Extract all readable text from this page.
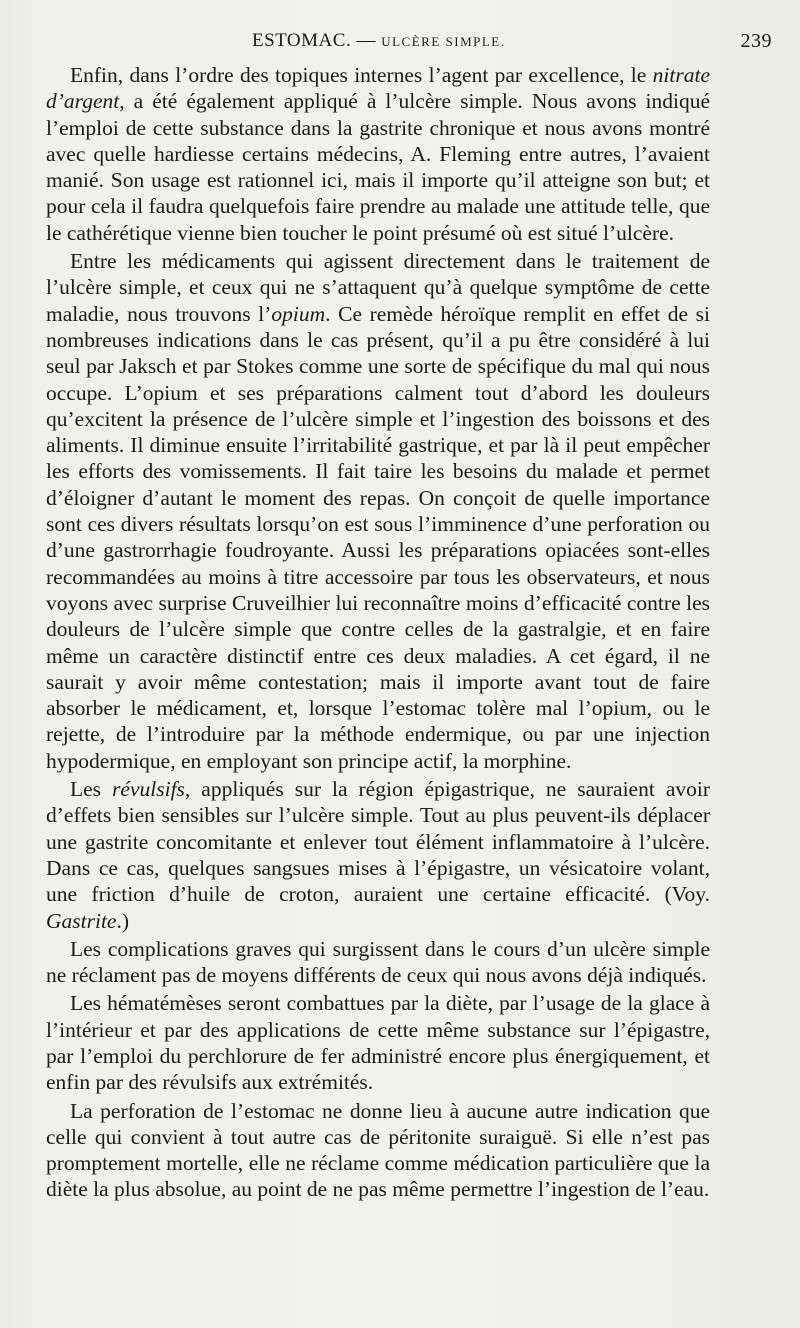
ESTOMAC. — ULCÈRE SIMPLE.	239

Enfin, dans l’ordre des topiques internes l’agent par excellence, le nitrate d’argent, a été également appliqué à l’ulcère simple. Nous avons indiqué l’emploi de cette substance dans la gastrite chronique et nous avons montré avec quelle hardiesse certains médecins, A. Fleming entre autres, l’avaient manié. Son usage est rationnel ici, mais il importe qu’il atteigne son but; et pour cela il faudra quelquefois faire prendre au malade une attitude telle, que le cathérétique vienne bien toucher le point présumé où est situé l’ulcère.

Entre les médicaments qui agissent directement dans le traitement de l’ulcère simple, et ceux qui ne s’attaquent qu’à quelque symptôme de cette maladie, nous trouvons l’opium. Ce remède héroïque remplit en effet de si nombreuses indications dans le cas présent, qu’il a pu être considéré à lui seul par Jaksch et par Stokes comme une sorte de spécifique du mal qui nous occupe. L’opium et ses préparations calment tout d’abord les douleurs qu’excitent la présence de l’ulcère simple et l’ingestion des boissons et des aliments. Il diminue ensuite l’irritabilité gastrique, et par là il peut empêcher les efforts des vomissements. Il fait taire les besoins du malade et permet d’éloigner d’autant le moment des repas. On conçoit de quelle importance sont ces divers résultats lorsqu’on est sous l’imminence d’une perforation ou d’une gastrorrhagie foudroyante. Aussi les préparations opiacées sont-elles recommandées au moins à titre accessoire par tous les observateurs, et nous voyons avec surprise Cruveilhier lui reconnaître moins d’efficacité contre les douleurs de l’ulcère simple que contre celles de la gastralgie, et en faire même un caractère distinctif entre ces deux maladies. A cet égard, il ne saurait y avoir même contestation; mais il importe avant tout de faire absorber le médicament, et, lorsque l’estomac tolère mal l’opium, ou le rejette, de l’introduire par la méthode endermique, ou par une injection hypodermique, en employant son principe actif, la morphine.

Les révulsifs, appliqués sur la région épigastrique, ne sauraient avoir d’effets bien sensibles sur l’ulcère simple. Tout au plus peuvent-ils déplacer une gastrite concomitante et enlever tout élément inflammatoire à l’ulcère. Dans ce cas, quelques sangsues mises à l’épigastre, un vésicatoire volant, une friction d’huile de croton, auraient une certaine efficacité. (Voy. Gastrite.)

Les complications graves qui surgissent dans le cours d’un ulcère simple ne réclament pas de moyens différents de ceux qui nous avons déjà indiqués.

Les hématémèses seront combattues par la diète, par l’usage de la glace à l’intérieur et par des applications de cette même substance sur l’épigastre, par l’emploi du perchlorure de fer administré encore plus énergiquement, et enfin par des révulsifs aux extrémités.

La perforation de l’estomac ne donne lieu à aucune autre indication que celle qui convient à tout autre cas de péritonite suraiguë. Si elle n’est pas promptement mortelle, elle ne réclame comme médication particulière que la diète la plus absolue, au point de ne pas même permettre l’ingestion de l’eau.
